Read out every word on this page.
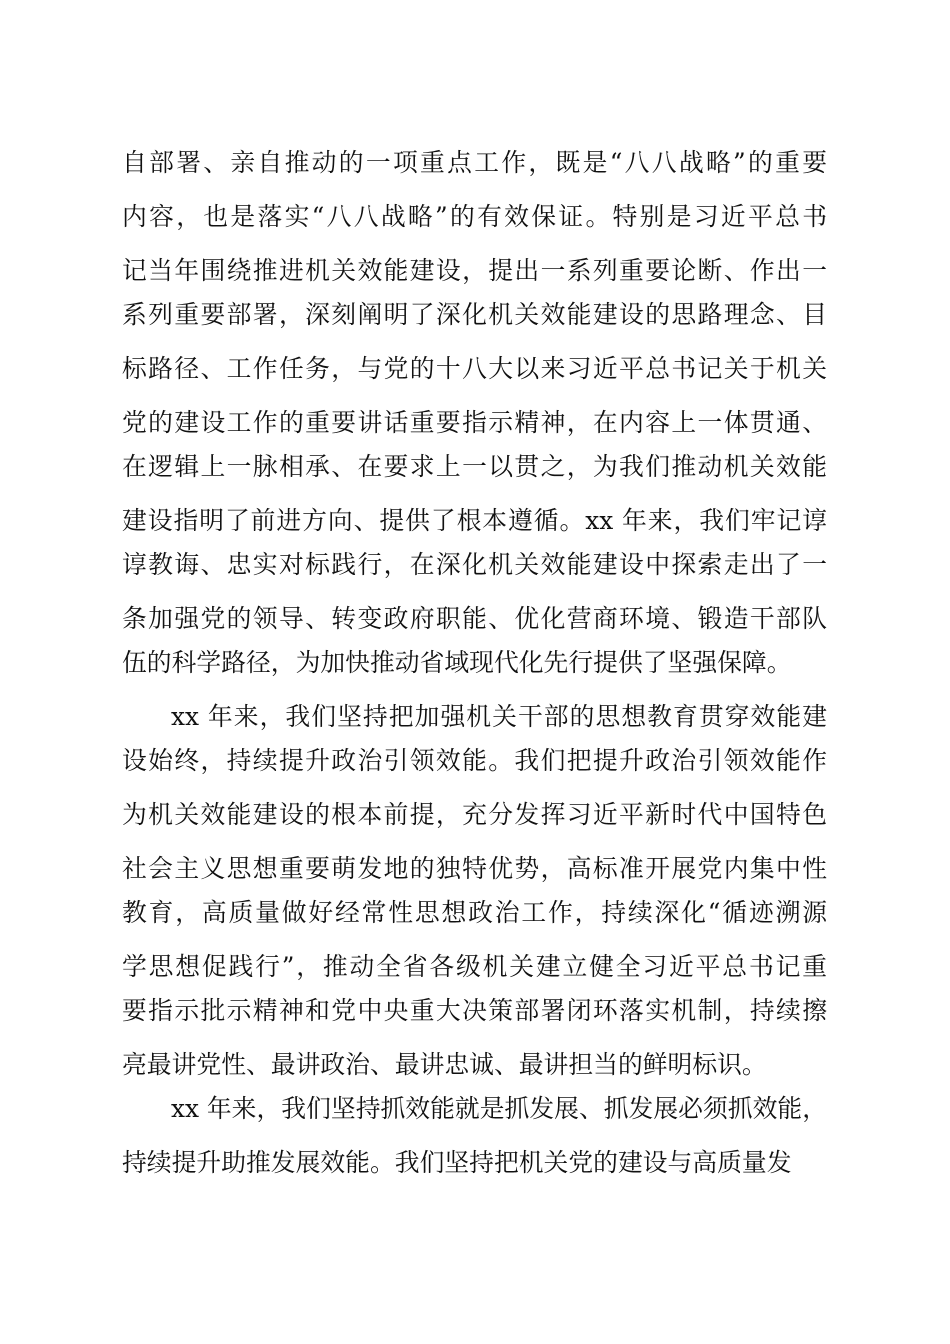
自部署、亲自推动的一项重点工作，既是“八八战略”的重要
内容，也是落实“八八战略”的有效保证。特别是习近平总书
记当年围绕推进机关效能建设，提出一系列重要论断、作出一
系列重要部署，深刻阐明了深化机关效能建设的思路理念、目
标路径、工作任务，与党的十八大以来习近平总书记关于机关
党的建设工作的重要讲话重要指示精神，在内容上一体贯通、
在逻辑上一脉相承、在要求上一以贯之，为我们推动机关效能
建设指明了前进方向、提供了根本遵循。xx 年来，我们牢记谆
谆教诲、忠实对标践行，在深化机关效能建设中探索走出了一
条加强党的领导、转变政府职能、优化营商环境、锻造干部队
伍的科学路径，为加快推动省域现代化先行提供了坚强保障。
xx 年来，我们坚持把加强机关干部的思想教育贯穿效能建
设始终，持续提升政治引领效能。我们把提升政治引领效能作
为机关效能建设的根本前提，充分发挥习近平新时代中国特色
社会主义思想重要萌发地的独特优势，高标准开展党内集中性
教育，高质量做好经常性思想政治工作，持续深化“循迹溯源
学思想促践行”，推动全省各级机关建立健全习近平总书记重
要指示批示精神和党中央重大决策部署闭环落实机制，持续擦
亮最讲党性、最讲政治、最讲忠诚、最讲担当的鲜明标识。
xx 年来，我们坚持抓效能就是抓发展、抓发展必须抓效能，
持续提升助推发展效能。我们坚持把机关党的建设与高质量发
